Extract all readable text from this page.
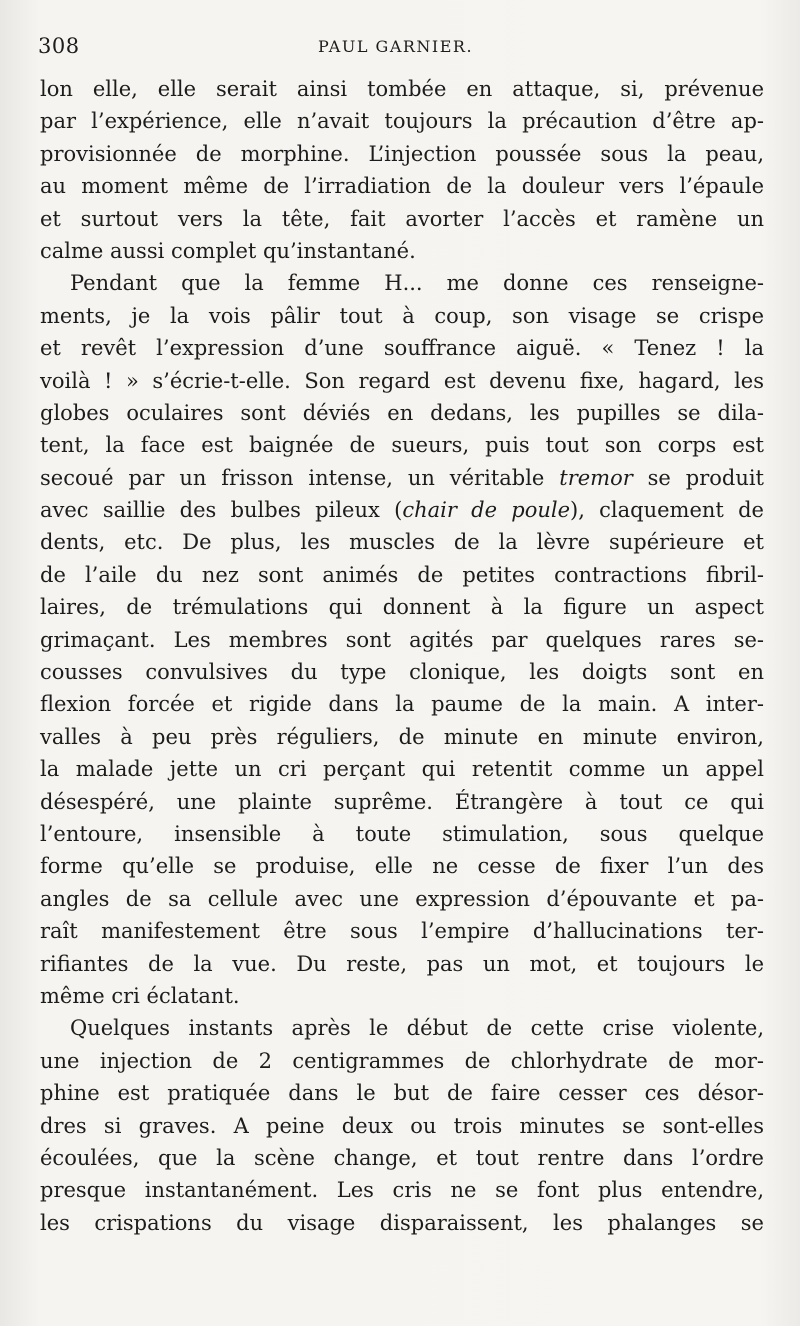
308	PAUL GARNIER.
lon elle, elle serait ainsi tombée en attaque, si, prévenue
par l’expérience, elle n’avait toujours la précaution d’être ap-
provisionnée de morphine. L’injection poussée sous la peau,
au moment même de l’irradiation de la douleur vers l’épaule
et surtout vers la tête, fait avorter l’accès et ramène un
calme aussi complet qu’instantané.
Pendant que la femme H... me donne ces renseigne-
ments, je la vois pâlir tout à coup, son visage se crispe
et revêt l’expression d’une souffrance aiguë. « Tenez ! la
voilà ! » s’écrie-t-elle. Son regard est devenu fixe, hagard, les
globes oculaires sont déviés en dedans, les pupilles se dila-
tent, la face est baignée de sueurs, puis tout son corps est
secoué par un frisson intense, un véritable tremor se produit
avec saillie des bulbes pileux (chair de poule), claquement de
dents, etc. De plus, les muscles de la lèvre supérieure et
de l’aile du nez sont animés de petites contractions fibril-
laires, de trémulations qui donnent à la figure un aspect
grimaçant. Les membres sont agités par quelques rares se-
cousses convulsives du type clonique, les doigts sont en
flexion forcée et rigide dans la paume de la main. A inter-
valles à peu près réguliers, de minute en minute environ,
la malade jette un cri perçant qui retentit comme un appel
désespéré, une plainte suprême. Étrangère à tout ce qui
l’entoure, insensible à toute stimulation, sous quelque
forme qu’elle se produise, elle ne cesse de fixer l’un des
angles de sa cellule avec une expression d’épouvante et pa-
raît manifestement être sous l’empire d’hallucinations ter-
rifiantes de la vue. Du reste, pas un mot, et toujours le
même cri éclatant.
Quelques instants après le début de cette crise violente,
une injection de 2 centigrammes de chlorhydrate de mor-
phine est pratiquée dans le but de faire cesser ces désor-
dres si graves. A peine deux ou trois minutes se sont-elles
écoulées, que la scène change, et tout rentre dans l’ordre
presque instantanément. Les cris ne se font plus entendre,
les crispations du visage disparaissent, les phalanges se
